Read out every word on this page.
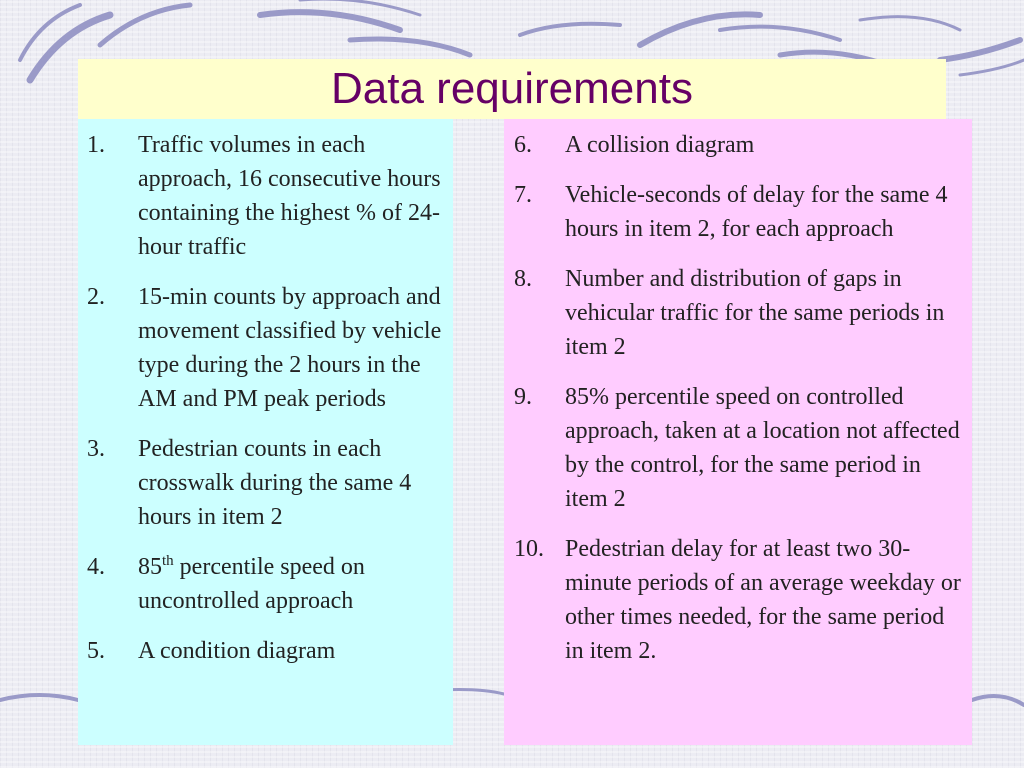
Data requirements
1. Traffic volumes in each approach, 16 consecutive hours containing the highest % of 24-hour traffic
2. 15-min counts by approach and movement classified by vehicle type during the 2 hours in the AM and PM peak periods
3. Pedestrian counts in each crosswalk during the same 4 hours in item 2
4. 85th percentile speed on uncontrolled approach
5. A condition diagram
6. A collision diagram
7. Vehicle-seconds of delay for the same 4 hours in item 2, for each approach
8. Number and distribution of gaps in vehicular traffic for the same periods in item 2
9. 85% percentile speed on controlled approach, taken at a location not affected by the control, for the same period in item 2
10. Pedestrian delay for at least two 30-minute periods of an average weekday or other times needed, for the same period in item 2.
